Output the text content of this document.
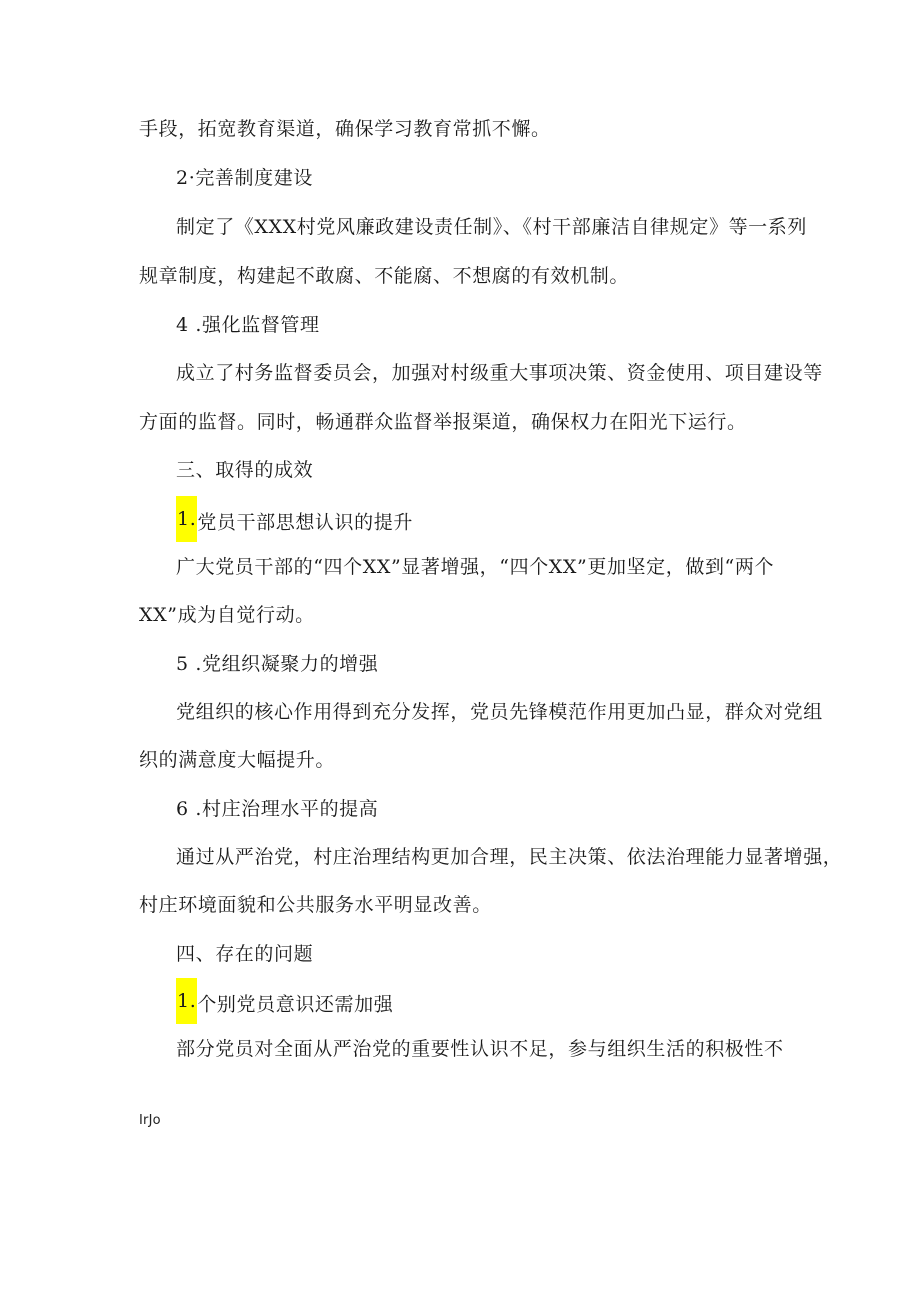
手段，拓宽教育渠道，确保学习教育常抓不懈。
2·完善制度建设
制定了《XXX村党风廉政建设责任制》、《村干部廉洁自律规定》等一系列
规章制度，构建起不敢腐、不能腐、不想腐的有效机制。
4 .强化监督管理
成立了村务监督委员会，加强对村级重大事项决策、资金使用、项目建设等
方面的监督。同时，畅通群众监督举报渠道，确保权力在阳光下运行。
三、取得的成效
1.党员干部思想认识的提升
广大党员干部的“四个XX”显著增强，“四个XX”更加坚定，做到“两个
XX”成为自觉行动。
5 .党组织凝聚力的增强
党组织的核心作用得到充分发挥，党员先锋模范作用更加凸显，群众对党组
织的满意度大幅提升。
6 .村庄治理水平的提高
通过从严治党，村庄治理结构更加合理，民主决策、依法治理能力显著增强，
村庄环境面貌和公共服务水平明显改善。
四、存在的问题
1.个别党员意识还需加强
部分党员对全面从严治党的重要性认识不足，参与组织生活的积极性不
IrJo
